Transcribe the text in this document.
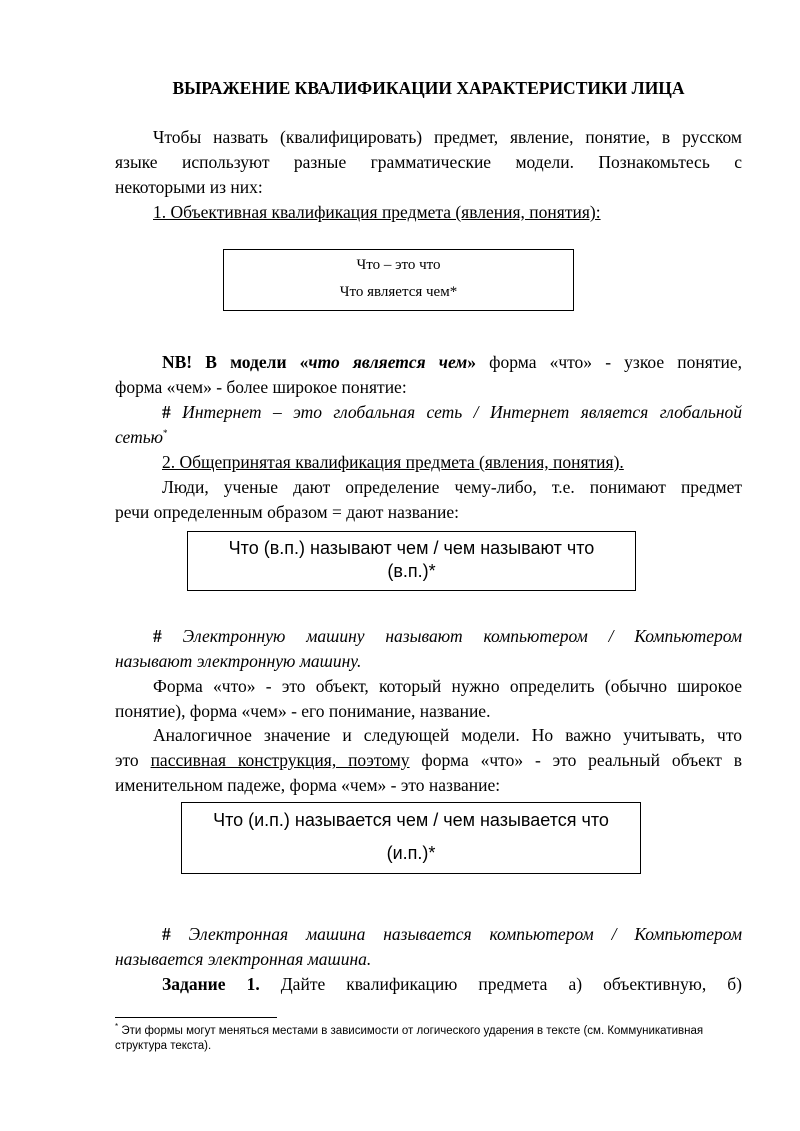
ВЫРАЖЕНИЕ КВАЛИФИКАЦИИ ХАРАКТЕРИСТИКИ ЛИЦА

Чтобы назвать (квалифицировать) предмет, явление, понятие, в русском

языке используют разные грамматические модели. Познакомьтесь с

некоторыми из них:

1. Объективная квалификация предмета (явления, понятия):

Что – это что
Что является чем*

NB! В модели «что является чем» форма «что» - узкое понятие,

форма «чем» - более широкое понятие:

# Интернет – это глобальная сеть / Интернет является глобальной

сетью*

2. Общепринятая квалификация предмета (явления, понятия).

Люди, ученые дают определение чему-либо, т.е. понимают предмет

речи определенным образом = дают название:

Что (в.п.) называют чем / чем называют что
(в.п.)*

# Электронную машину называют компьютером / Компьютером

называют электронную машину.

Форма «что» - это объект, который нужно определить (обычно широкое

понятие), форма «чем» - его понимание, название.

Аналогичное значение и следующей модели. Но важно учитывать, что

это пассивная конструкция, поэтому форма «что» - это реальный объект в

именительном падеже, форма «чем» - это название:

Что (и.п.) называется чем / чем называется что
(и.п.)*

# Электронная машина называется компьютером / Компьютером

называется электронная машина.

Задание 1. Дайте квалификацию предмета а) объективную, б)

* Эти формы могут меняться местами в зависимости от логического ударения в тексте (см. Коммуникативная
структура текста).
